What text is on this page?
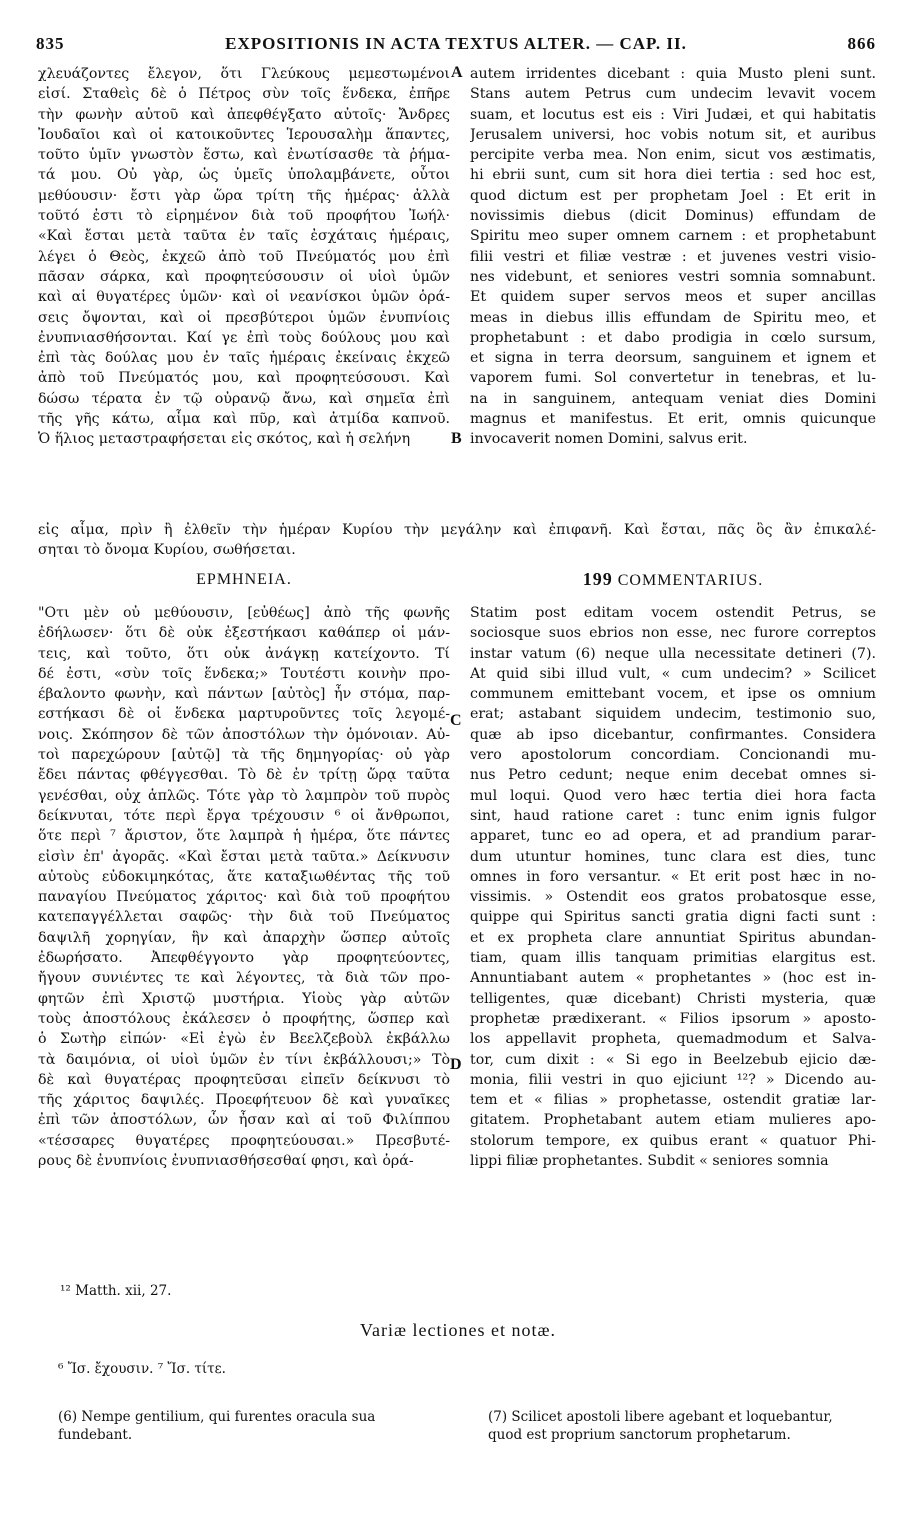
835	EXPOSITIONIS IN ACTA TEXTUS ALTER. — CAP. II.	866
χλευάζοντες ἔλεγον, ὅτι Γλεύκους μεμεστωμένοι
εἰσί. Σταθεὶς δὲ ὁ Πέτρος σὺν τοῖς ἕνδεκα, ἐπῆρε
τὴν φωνὴν αὐτοῦ καὶ ἀπεφθέγξατο αὐτοῖς· Ἄνδρες
Ἰουδαῖοι καὶ οἱ κατοικοῦντες Ἱερουσαλὴμ ἅπαντες,
τοῦτο ὑμῖν γνωστὸν ἔστω, καὶ ἐνωτίσασθε τὰ ῥήμα-
τά μου. Οὐ γὰρ, ὡς ὑμεῖς ὑπολαμβάνετε, οὗτοι
μεθύουσιν· ἔστι γὰρ ὥρα τρίτη τῆς ἡμέρας· ἀλλὰ
τοῦτό ἐστι τὸ εἰρημένον διὰ τοῦ προφήτου Ἰωήλ·
«Καὶ ἔσται μετὰ ταῦτα ἐν ταῖς ἐσχάταις ἡμέραις,
λέγει ὁ Θεὸς, ἐκχεῶ ἀπὸ τοῦ Πνεύματός μου ἐπὶ
πᾶσαν σάρκα, καὶ προφητεύσουσιν οἱ υἱοὶ ὑμῶν
καὶ αἱ θυγατέρες ὑμῶν· καὶ οἱ νεανίσκοι ὑμῶν ὁρά-
σεις ὄψονται, καὶ οἱ πρεσβύτεροι ὑμῶν ἐνυπνίοις
ἐνυπνιασθήσονται. Καί γε ἐπὶ τοὺς δούλους μου καὶ
ἐπὶ τὰς δούλας μου ἐν ταῖς ἡμέραις ἐκείναις ἐκχεῶ
ἀπὸ τοῦ Πνεύματός μου, καὶ προφητεύσουσι. Καὶ
δώσω τέρατα ἐν τῷ οὐρανῷ ἄνω, καὶ σημεῖα ἐπὶ
τῆς γῆς κάτω, αἷμα καὶ πῦρ, καὶ ἀτμίδα καπνοῦ.
Ὁ ἥλιος μεταστραφήσεται εἰς σκότος, καὶ ἡ σελήνη
autem irridentes dicebant : quia Musto pleni sunt.
Stans autem Petrus cum undecim levavit vocem
suam, et locutus est eis : Viri Judæi, et qui habitatis
Jerusalem universi, hoc vobis notum sit, et auribus
percipite verba mea. Non enim, sicut vos æstimatis,
hi ebrii sunt, cum sit hora diei tertia : sed hoc est,
quod dictum est per prophetam Joel : Et erit in
novissimis diebus (dicit Dominus) effundam de
Spiritu meo super omnem carnem : et prophetabunt
filii vestri et filiæ vestræ : et juvenes vestri visio-
nes videbunt, et seniores vestri somnia somnabunt.
Et quidem super servos meos et super ancillas
meas in diebus illis effundam de Spiritu meo, et
prophetabunt : et dabo prodigia in cœlo sursum,
et signa in terra deorsum, sanguinem et ignem et
vaporem fumi. Sol convertetur in tenebras, et lu-
na in sanguinem, antequam veniat dies Domini
magnus et manifestus. Et erit, omnis quicunque
invocaverit nomen Domini, salvus erit.
A
B
C
D
εἰς αἷμα, πρὶν ἢ ἐλθεῖν τὴν ἡμέραν Κυρίου τὴν μεγάλην καὶ ἐπιφανῆ. Καὶ ἔσται, πᾶς ὃς ἂν ἐπικαλέ-
σηται τὸ ὄνομα Κυρίου, σωθήσεται.
ΕΡΜΗΝΕΙΑ.	199 COMMENTARIUS.
"Οτι μὲν οὐ μεθύουσιν, [εὐθέως] ἀπὸ τῆς φωνῆς
ἐδήλωσεν· ὅτι δὲ οὐκ ἐξεστήκασι καθάπερ οἱ μάν-
τεις, καὶ τοῦτο, ὅτι οὐκ ἀνάγκῃ κατείχοντο. Τί
δέ ἐστι, «σὺν τοῖς ἕνδεκα;» Τουτέστι κοινὴν προ-
έβαλοντο φωνὴν, καὶ πάντων [αὐτὸς] ἦν στόμα, παρ-
εστήκασι δὲ οἱ ἕνδεκα μαρτυροῦντες τοῖς λεγομέ-
νοις. Σκόπησον δὲ τῶν ἀποστόλων τὴν ὁμόνοιαν. Αὐ-
τοὶ παρεχώρουν [αὐτῷ] τὰ τῆς δημηγορίας· οὐ γὰρ
ἔδει πάντας φθέγγεσθαι. Τὸ δὲ ἐν τρίτῃ ὥρᾳ ταῦτα
γενέσθαι, οὐχ ἁπλῶς. Τότε γὰρ τὸ λαμπρὸν τοῦ πυρὸς
δείκνυται, τότε περὶ ἔργα τρέχουσιν ⁶ οἱ ἄνθρωποι,
ὅτε περὶ ⁷ ἄριστον, ὅτε λαμπρὰ ἡ ἡμέρα, ὅτε πάντες
εἰσὶν ἐπ' ἀγορᾶς. «Καὶ ἔσται μετὰ ταῦτα.» Δείκνυσιν
αὐτοὺς εὐδοκιμηκότας, ἅτε καταξιωθέντας τῆς τοῦ
παναγίου Πνεύματος χάριτος· καὶ διὰ τοῦ προφήτου
κατεπαγγέλλεται σαφῶς· τὴν διὰ τοῦ Πνεύματος
δαψιλῆ χορηγίαν, ἣν καὶ ἀπαρχὴν ὥσπερ αὐτοῖς
ἐδωρήσατο. Ἀπεφθέγγοντο γὰρ προφητεύοντες,
ἤγουν συνιέντες τε καὶ λέγοντες, τὰ διὰ τῶν προ-
φητῶν ἐπὶ Χριστῷ μυστήρια. Υἱοὺς γὰρ αὐτῶν
τοὺς ἀποστόλους ἐκάλεσεν ὁ προφήτης, ὥσπερ καὶ
ὁ Σωτὴρ εἰπών· «Εἰ ἐγὼ ἐν Βεελζεβοὺλ ἐκβάλλω
τὰ δαιμόνια, οἱ υἱοὶ ὑμῶν ἐν τίνι ἐκβάλλουσι;» Τὸ
δὲ καὶ θυγατέρας προφητεῦσαι εἰπεῖν δείκνυσι τὸ
τῆς χάριτος δαψιλές. Προεφήτευον δὲ καὶ γυναῖκες
ἐπὶ τῶν ἀποστόλων, ὧν ἦσαν καὶ αἱ τοῦ Φιλίππου
«τέσσαρες θυγατέρες προφητεύουσαι.» Πρεσβυτέ-
ρους δὲ ἐνυπνίοις ἐνυπνιασθήσεσθαί φησι, καὶ ὁρά-
Statim post editam vocem ostendit Petrus, se
sociosque suos ebrios non esse, nec furore correptos
instar vatum (6) neque ulla necessitate detineri (7).
At quid sibi illud vult, « cum undecim? » Scilicet
communem emittebant vocem, et ipse os omnium
erat; astabant siquidem undecim, testimonio suo,
quæ ab ipso dicebantur, confirmantes. Considera
vero apostolorum concordiam. Concionandi mu-
nus Petro cedunt; neque enim decebat omnes si-
mul loqui. Quod vero hæc tertia diei hora facta
sint, haud ratione caret : tunc enim ignis fulgor
apparet, tunc eo ad opera, et ad prandium parar-
dum utuntur homines, tunc clara est dies, tunc
omnes in foro versantur. « Et erit post hæc in no-
vissimis. » Ostendit eos gratos probatosque esse,
quippe qui Spiritus sancti gratia digni facti sunt :
et ex propheta clare annuntiat Spiritus abundan-
tiam, quam illis tanquam primitias elargitus est.
Annuntiabant autem « prophetantes » (hoc est in-
telligentes, quæ dicebant) Christi mysteria, quæ
prophetæ prædixerant. « Filios ipsorum » aposto-
los appellavit propheta, quemadmodum et Salva-
tor, cum dixit : « Si ego in Beelzebub ejicio dæ-
monia, filii vestri in quo ejiciunt ¹²? » Dicendo au-
tem et « filias » prophetasse, ostendit gratiæ lar-
gitatem. Prophetabant autem etiam mulieres apo-
stolorum tempore, ex quibus erant « quatuor Phi-
lippi filiæ prophetantes. Subdit « seniores somnia
¹² Matth. xii, 27.
Variæ lectiones et notæ.
⁶ Ἴσ. ἔχουσιν. ⁷ Ἴσ. τίτε.
(6) Nempe gentilium, qui furentes oracula sua
fundebant.
(7) Scilicet apostoli libere agebant et loquebantur,
quod est proprium sanctorum prophetarum.
